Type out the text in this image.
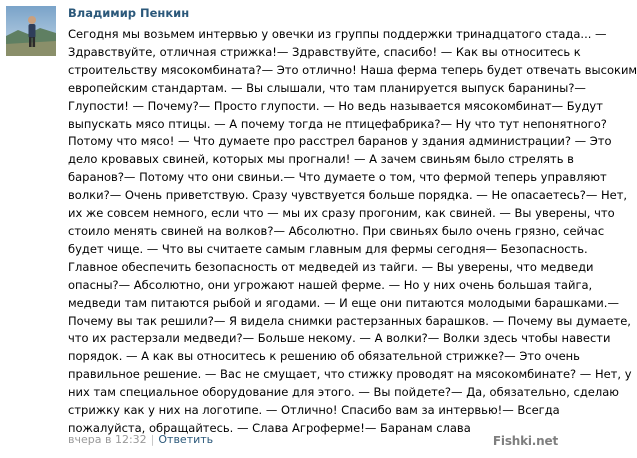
Владимир Пенкин

Сегодня мы возьмем интервью у овечки из группы поддержки тринадцатого стада... —

Здравствуйте, отличная стрижка!— Здравствуйте, спасибо! — Как вы относитесь к

строительству мясокомбината?— Это отлично! Наша ферма теперь будет отвечать высоким

европейским стандартам. — Вы слышали, что там планируется выпуск баранины?—

Глупости! — Почему?— Просто глупости. — Но ведь называется мясокомбинат— Будут

выпускать мясо птицы. — А почему тогда не птицефабрика?— Ну что тут непонятного?

Потому что мясо! — Что думаете про расстрел баранов у здания администрации? — Это

дело кровавых свиней, которых мы прогнали! — А зачем свиньям было стрелять в

баранов?— Потому что они свиньи.— Что думаете о том, что фермой теперь управляют

волки?— Очень приветствую. Сразу чувствуется больше порядка. — Не опасаетесь?— Нет,

их же совсем немного, если что — мы их сразу прогоним, как свиней. — Вы уверены, что

стоило менять свиней на волков?— Абсолютно. При свиньях было очень грязно, сейчас

будет чище. — Что вы считаете самым главным для фермы сегодня— Безопасность.

Главное обеспечить безопасность от медведей из тайги. — Вы уверены, что медведи

опасны?— Абсолютно, они угрожают нашей ферме. — Но у них очень большая тайга,

медведи там питаются рыбой и ягодами. — И еще они питаются молодыми барашками.—

Почему вы так решили?— Я видела снимки растерзанных барашков. — Почему вы думаете,

что их растерзали медведи?— Больше некому. — А волки?— Волки здесь чтобы навести

порядок. — А как вы относитесь к решению об обязательной стрижке?— Это очень

правильное решение. — Вас не смущает, что стижку проводят на мясокомбинате? — Нет, у

них там специальное оборудование для этого. — Вы пойдете?— Да, обязательно, сделаю

стрижку как у них на логотипе. — Отлично! Спасибо вам за интервью!— Всегда

пожалуйста, обращайтесь. — Слава Агроферме!— Баранам слава

вчера в 12:32 | Ответить	Fishki.net
